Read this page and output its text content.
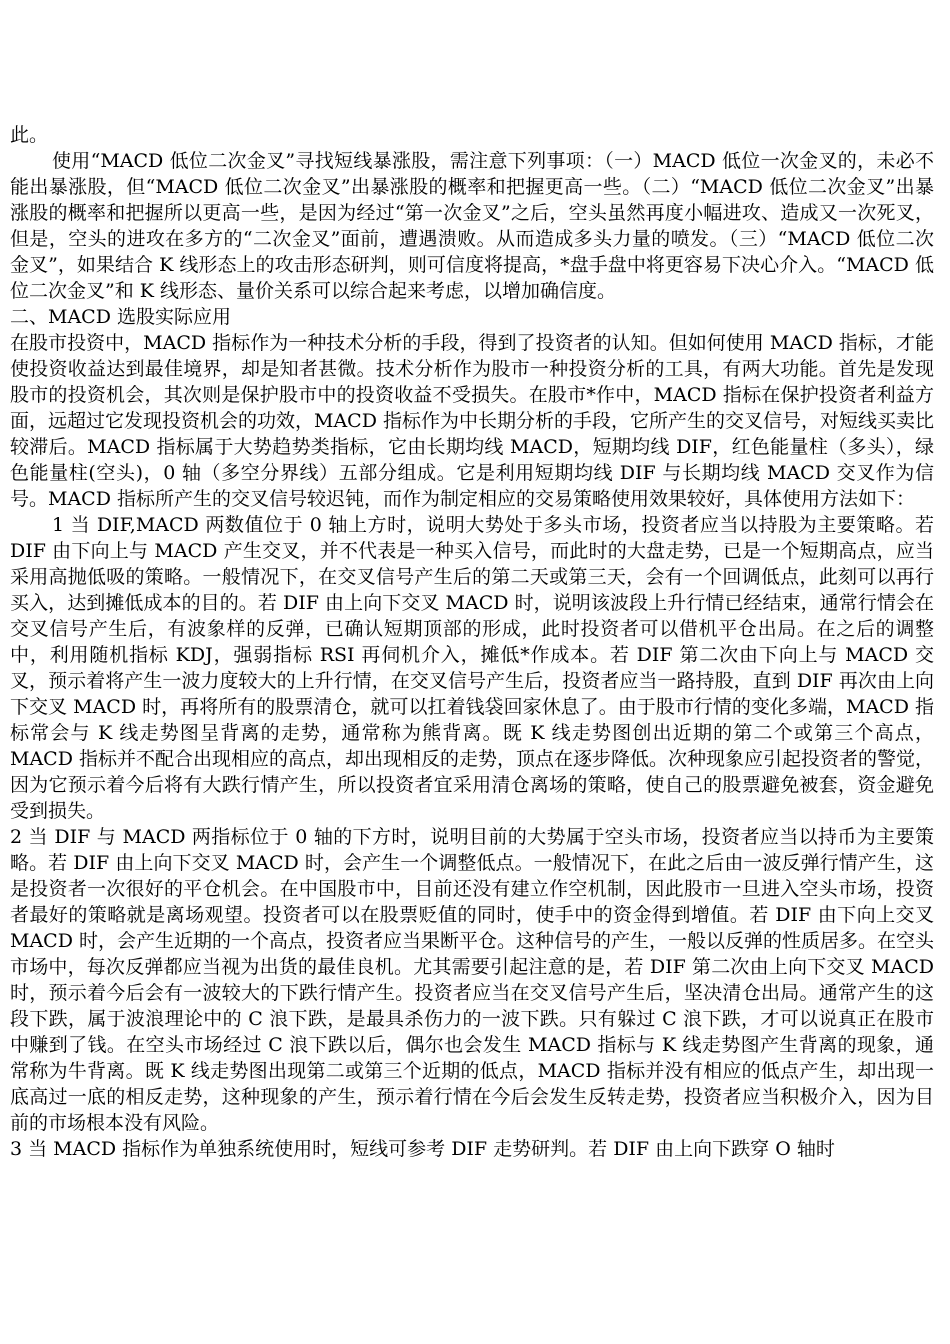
此。

使用“MACD 低位二次金叉”寻找短线暴涨股，需注意下列事项：（一）MACD 低位一次金叉的，未必不能出暴涨股，但“MACD 低位二次金叉”出暴涨股的概率和把握更高一些。（二）“MACD 低位二次金叉”出暴涨股的概率和把握所以更高一些，是因为经过“第一次金叉”之后，空头虽然再度小幅进攻、造成又一次死叉，但是，空头的进攻在多方的“二次金叉”面前，遭遇溃败。从而造成多头力量的喷发。（三）“MACD 低位二次金叉”，如果结合 K 线形态上的攻击形态研判，则可信度将提高，*盘手盘中将更容易下决心介入。“MACD 低位二次金叉”和 K 线形态、量价关系可以综合起来考虑，以增加确信度。

二、MACD 选股实际应用

在股市投资中，MACD 指标作为一种技术分析的手段，得到了投资者的认知。但如何使用 MACD 指标，才能使投资收益达到最佳境界，却是知者甚微。技术分析作为股市一种投资分析的工具，有两大功能。首先是发现股市的投资机会，其次则是保护股市中的投资收益不受损失。在股市*作中，MACD 指标在保护投资者利益方面，远超过它发现投资机会的功效，MACD 指标作为中长期分析的手段，它所产生的交叉信号，对短线买卖比较滞后。MACD 指标属于大势趋势类指标，它由长期均线 MACD，短期均线 DIF，红色能量柱（多头），绿色能量柱(空头)，0 轴（多空分界线）五部分组成。它是利用短期均线 DIF 与长期均线 MACD 交叉作为信号。MACD 指标所产生的交叉信号较迟钝，而作为制定相应的交易策略使用效果较好，具体使用方法如下：

1 当 DIF,MACD 两数值位于 0 轴上方时，说明大势处于多头市场，投资者应当以持股为主要策略。若 DIF 由下向上与 MACD 产生交叉，并不代表是一种买入信号，而此时的大盘走势，已是一个短期高点，应当采用高抛低吸的策略。一般情况下，在交叉信号产生后的第二天或第三天，会有一个回调低点，此刻可以再行买入，达到摊低成本的目的。若 DIF 由上向下交叉 MACD 时，说明该波段上升行情已经结束，通常行情会在交叉信号产生后，有波象样的反弹，已确认短期顶部的形成，此时投资者可以借机平仓出局。在之后的调整中，利用随机指标 KDJ，强弱指标 RSI 再伺机介入，摊低*作成本。若 DIF 第二次由下向上与 MACD 交叉，预示着将产生一波力度较大的上升行情，在交叉信号产生后，投资者应当一路持股，直到 DIF 再次由上向下交叉 MACD 时，再将所有的股票清仓，就可以扛着钱袋回家休息了。由于股市行情的变化多端，MACD 指标常会与 K 线走势图呈背离的走势，通常称为熊背离。既 K 线走势图创出近期的第二个或第三个高点，MACD 指标并不配合出现相应的高点，却出现相反的走势，顶点在逐步降低。次种现象应引起投资者的警觉，因为它预示着今后将有大跌行情产生，所以投资者宜采用清仓离场的策略，使自己的股票避免被套，资金避免受到损失。

2 当 DIF 与 MACD 两指标位于 0 轴的下方时，说明目前的大势属于空头市场，投资者应当以持币为主要策略。若 DIF 由上向下交叉 MACD 时，会产生一个调整低点。一般情况下，在此之后由一波反弹行情产生，这是投资者一次很好的平仓机会。在中国股市中，目前还没有建立作空机制，因此股市一旦进入空头市场，投资者最好的策略就是离场观望。投资者可以在股票贬值的同时，使手中的资金得到增值。若 DIF 由下向上交叉 MACD 时，会产生近期的一个高点，投资者应当果断平仓。这种信号的产生，一般以反弹的性质居多。在空头市场中，每次反弹都应当视为出货的最佳良机。尤其需要引起注意的是，若 DIF 第二次由上向下交叉 MACD 时，预示着今后会有一波较大的下跌行情产生。投资者应当在交叉信号产生后，坚决清仓出局。通常产生的这段下跌，属于波浪理论中的 C 浪下跌，是最具杀伤力的一波下跌。只有躲过 C 浪下跌，才可以说真正在股市中赚到了钱。在空头市场经过 C 浪下跌以后，偶尔也会发生 MACD 指标与 K 线走势图产生背离的现象，通常称为牛背离。既 K 线走势图出现第二或第三个近期的低点，MACD 指标并没有相应的低点产生，却出现一底高过一底的相反走势，这种现象的产生，预示着行情在今后会发生反转走势，投资者应当积极介入，因为目前的市场根本没有风险。

3 当 MACD 指标作为单独系统使用时，短线可参考 DIF 走势研判。若 DIF 由上向下跌穿 O 轴时
